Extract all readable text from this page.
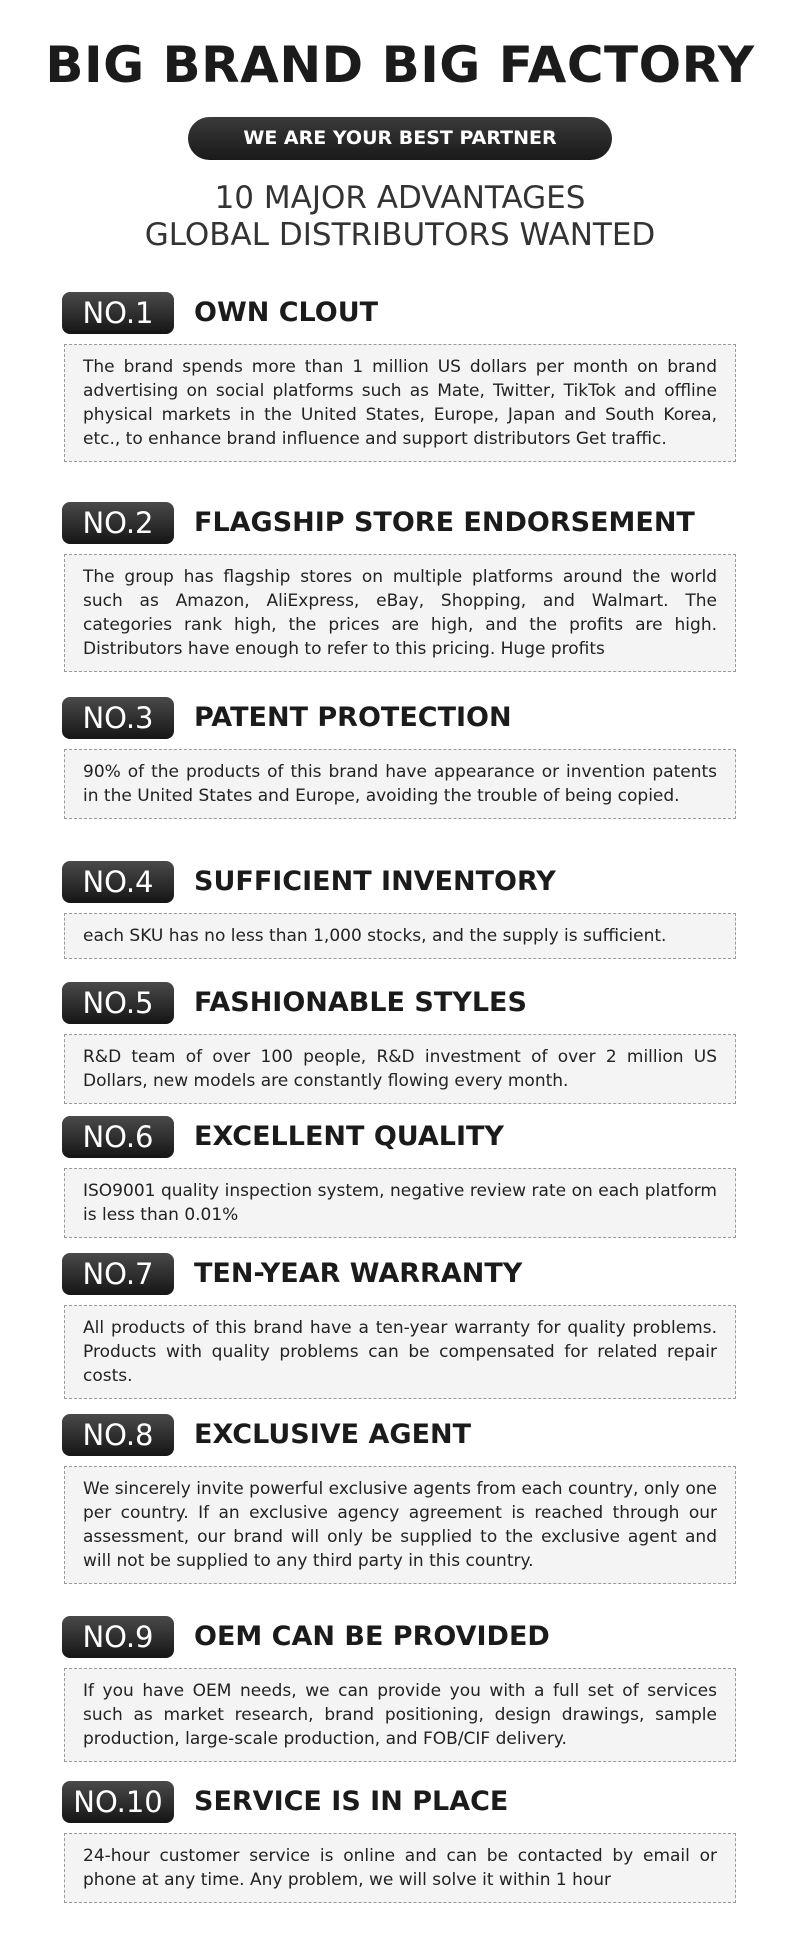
BIG BRAND BIG FACTORY
WE ARE YOUR BEST PARTNER
10 MAJOR ADVANTAGES
GLOBAL DISTRIBUTORS WANTED
NO.1	OWN CLOUT
The brand spends more than 1 million US dollars per month on brand advertising on social platforms such as Mate, Twitter, TikTok and offline physical markets in the United States, Europe, Japan and South Korea, etc., to enhance brand influence and support distributors Get traffic.
NO.2	FLAGSHIP STORE ENDORSEMENT
The group has flagship stores on multiple platforms around the world such as Amazon, AliExpress, eBay, Shopping, and Walmart. The categories rank high, the prices are high, and the profits are high. Distributors have enough to refer to this pricing. Huge profits
NO.3	PATENT PROTECTION
90% of the products of this brand have appearance or invention patents in the United States and Europe, avoiding the trouble of being copied.
NO.4	SUFFICIENT INVENTORY
each SKU has no less than 1,000 stocks, and the supply is sufficient.
NO.5	FASHIONABLE STYLES
R&D team of over 100 people, R&D investment of over 2 million US Dollars, new models are constantly flowing every month.
NO.6	EXCELLENT QUALITY
ISO9001 quality inspection system, negative review rate on each platform is less than 0.01%
NO.7	TEN-YEAR WARRANTY
All products of this brand have a ten-year warranty for quality problems. Products with quality problems can be compensated for related repair costs.
NO.8	EXCLUSIVE AGENT
We sincerely invite powerful exclusive agents from each country, only one per country. If an exclusive agency agreement is reached through our assessment, our brand will only be supplied to the exclusive agent and will not be supplied to any third party in this country.
NO.9	OEM CAN BE PROVIDED
If you have OEM needs, we can provide you with a full set of services such as market research, brand positioning, design drawings, sample production, large-scale production, and FOB/CIF delivery.
NO.10	SERVICE IS IN PLACE
24-hour customer service is online and can be contacted by email or phone at any time. Any problem, we will solve it within 1 hour
